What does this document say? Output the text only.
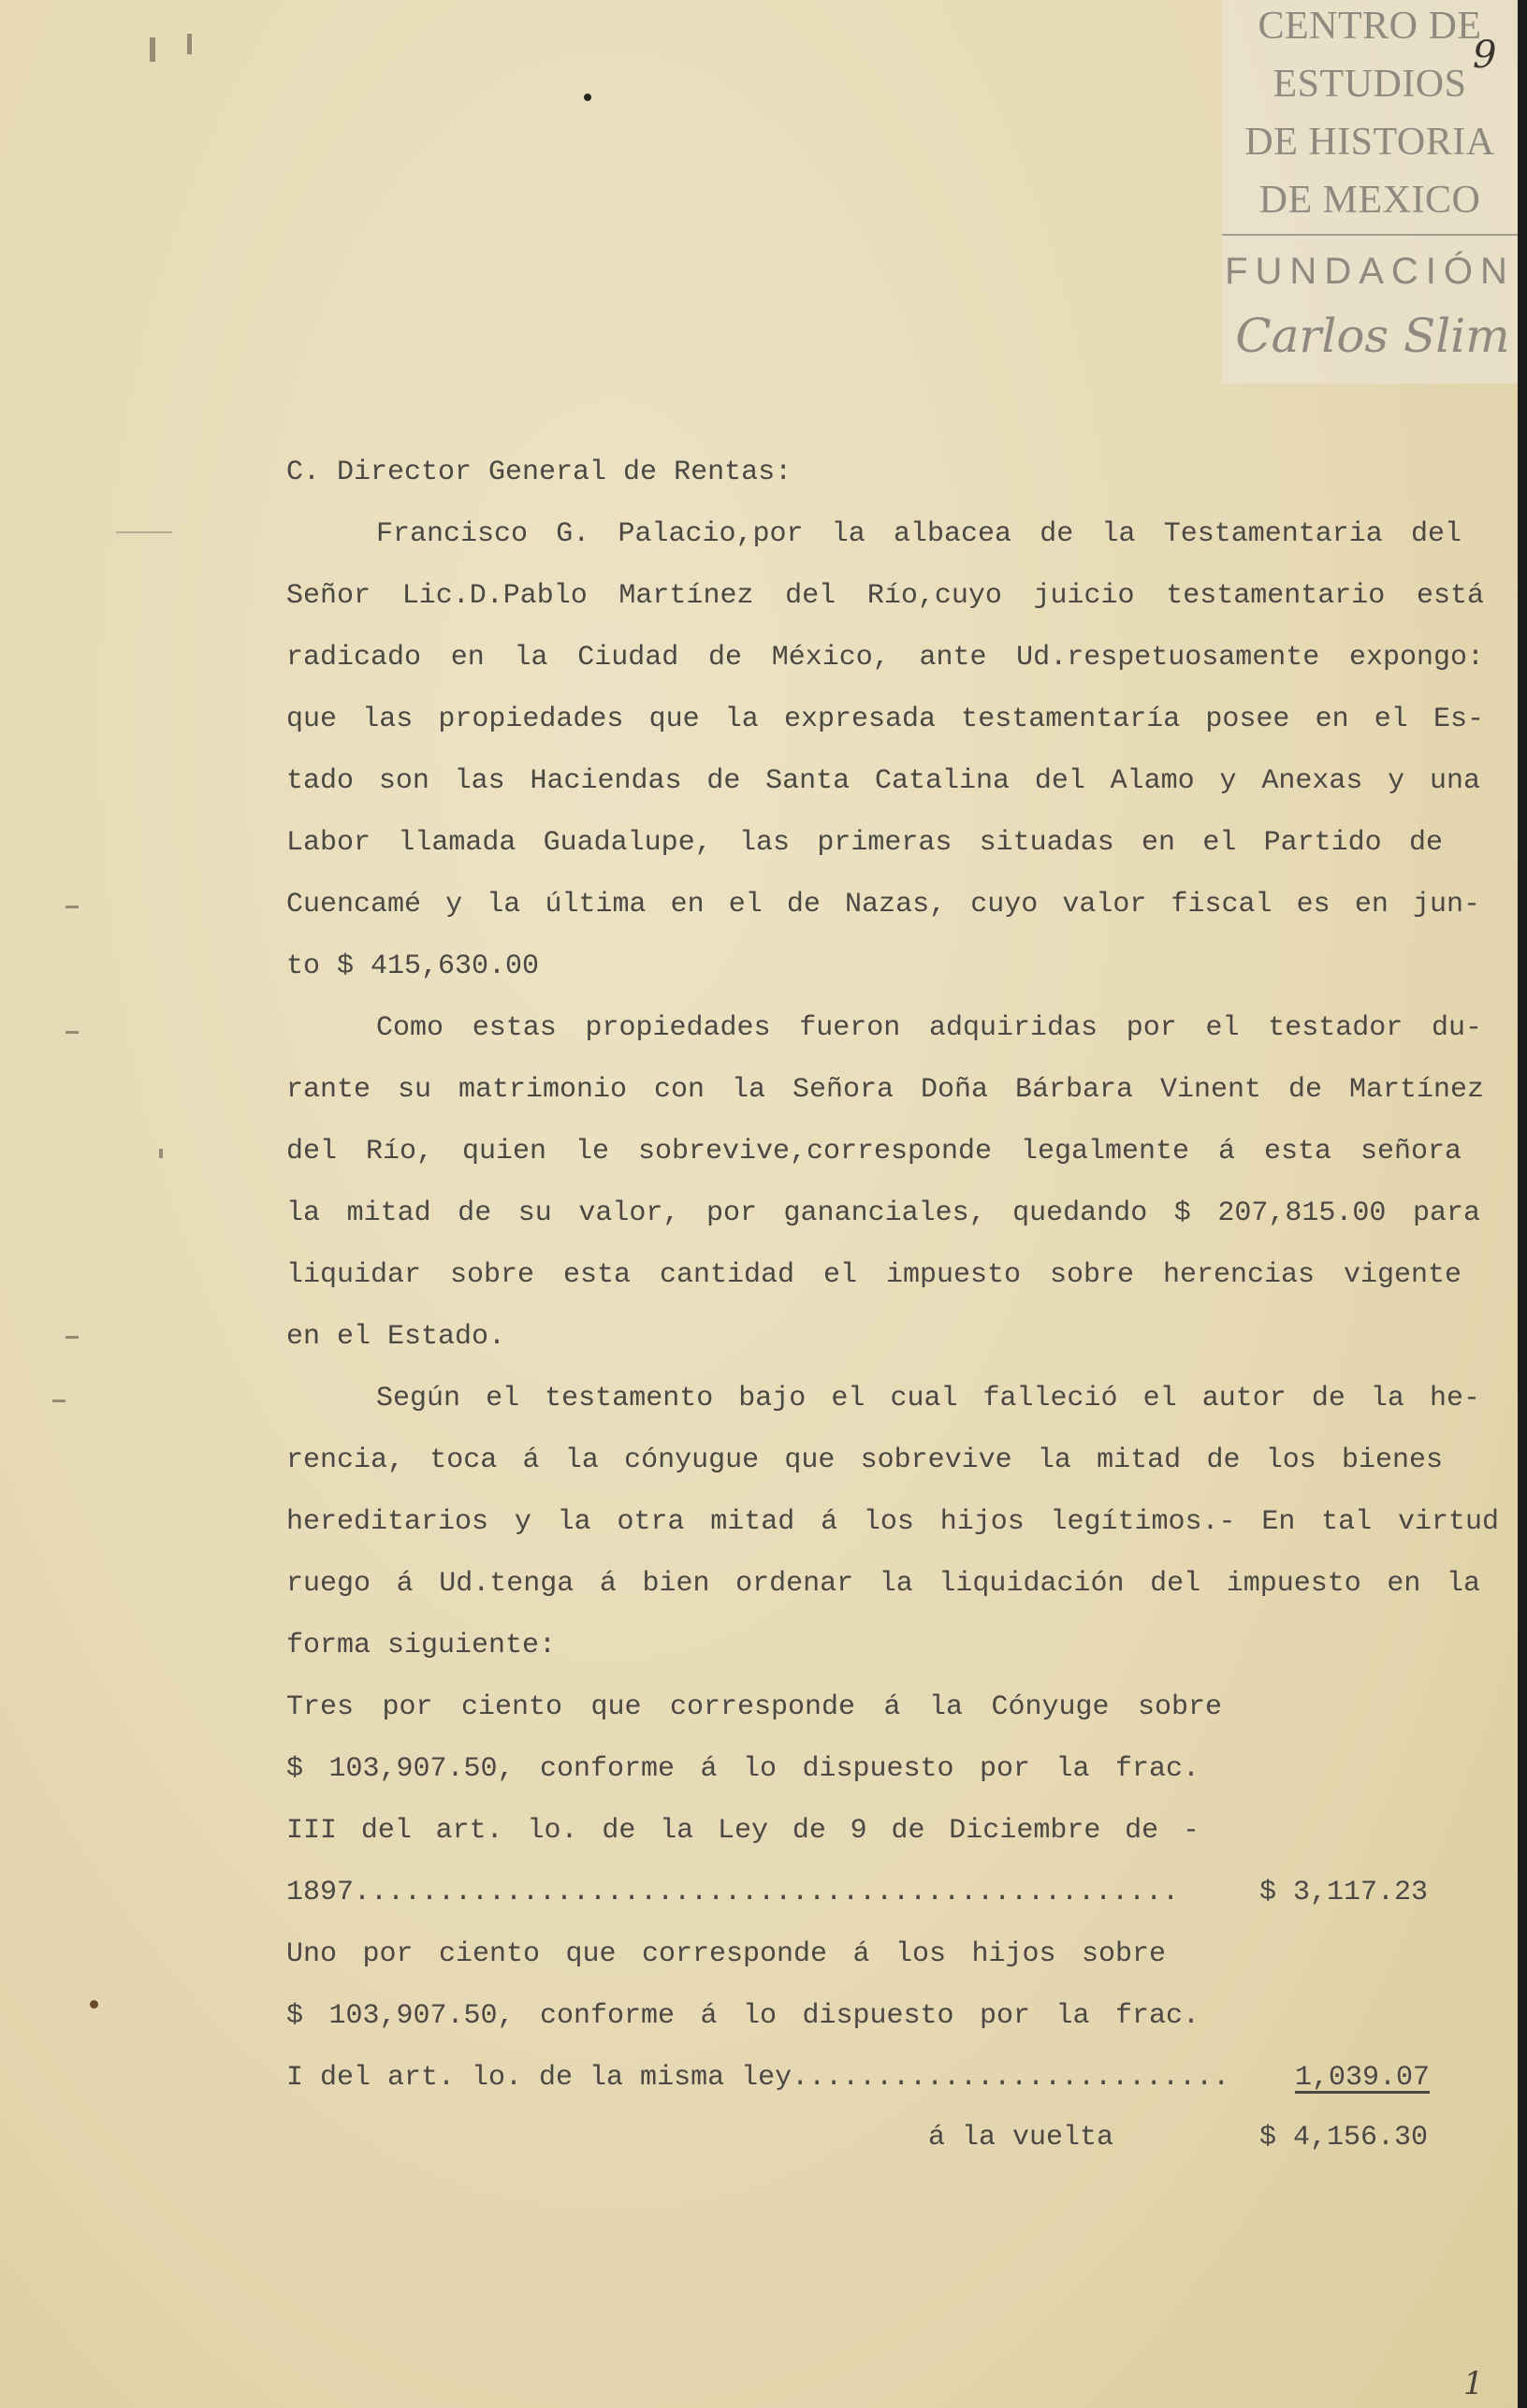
CENTRO DE
ESTUDIOS
DE HISTORIA
DE MEXICO
FUNDACIÓN
Carlos Slim
9
1
C. Director General de Rentas:
Francisco G. Palacio,por la albacea de la Testamentaria del
Señor Lic.D.Pablo Martínez del Río,cuyo juicio testamentario está
radicado en la Ciudad de México, ante Ud.respetuosamente expongo:
que las propiedades que la expresada testamentaría posee en el Es-
tado son las Haciendas de Santa Catalina del Alamo y Anexas y una
Labor llamada Guadalupe, las primeras situadas en el Partido de
Cuencamé y la última en el de Nazas, cuyo valor fiscal es en jun-
to $ 415,630.00
Como estas propiedades fueron adquiridas por el testador du-
rante su matrimonio con la Señora Doña Bárbara Vinent de Martínez
del Río, quien le sobrevive,corresponde legalmente á esta señora
la mitad de su valor, por gananciales, quedando $ 207,815.00 para
liquidar sobre esta cantidad el impuesto sobre herencias vigente
en el Estado.
Según el testamento bajo el cual falleció el autor de la he-
rencia, toca á la cónyugue que sobrevive la mitad de los bienes
hereditarios y la otra mitad á los hijos legítimos.- En tal virtud
ruego á Ud.tenga á bien ordenar la liquidación del impuesto en la
forma siguiente:
Tres por ciento que corresponde á la Cónyuge sobre
$ 103,907.50, conforme á lo dispuesto por la frac.
III del art. lo. de la Ley de 9 de Diciembre de -
1897.................................................	$ 3,117.23
Uno por ciento que corresponde á los hijos sobre
$ 103,907.50, conforme á lo dispuesto por la frac.
I del art. lo. de la misma ley.......................... 1,039.07
á la vuelta	$ 4,156.30
